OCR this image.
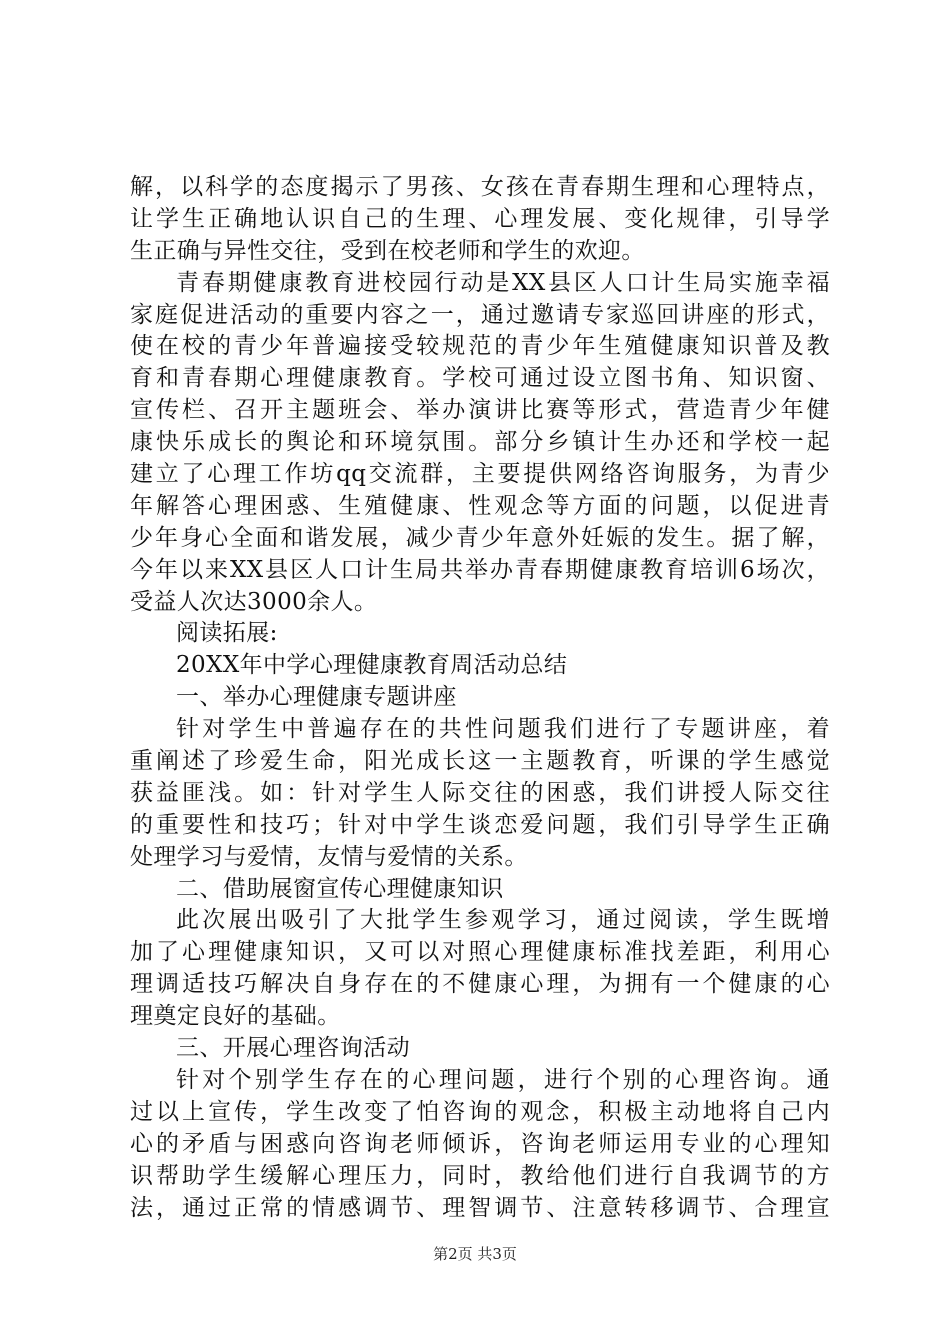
解，以科学的态度揭示了男孩、女孩在青春期生理和心理特点，
让学生正确地认识自己的生理、心理发展、变化规律，引导学
生正确与异性交往，受到在校老师和学生的欢迎。
青春期健康教育进校园行动是XX县区人口计生局实施幸福
家庭促进活动的重要内容之一，通过邀请专家巡回讲座的形式，
使在校的青少年普遍接受较规范的青少年生殖健康知识普及教
育和青春期心理健康教育。学校可通过设立图书角、知识窗、
宣传栏、召开主题班会、举办演讲比赛等形式，营造青少年健
康快乐成长的舆论和环境氛围。部分乡镇计生办还和学校一起
建立了心理工作坊qq交流群，主要提供网络咨询服务，为青少
年解答心理困惑、生殖健康、性观念等方面的问题，以促进青
少年身心全面和谐发展，减少青少年意外妊娠的发生。据了解，
今年以来XX县区人口计生局共举办青春期健康教育培训6场次，
受益人次达3000余人。
阅读拓展:
20XX年中学心理健康教育周活动总结
一、举办心理健康专题讲座
针对学生中普遍存在的共性问题我们进行了专题讲座，着
重阐述了珍爱生命，阳光成长这一主题教育，听课的学生感觉
获益匪浅。如：针对学生人际交往的困惑，我们讲授人际交往
的重要性和技巧；针对中学生谈恋爱问题，我们引导学生正确
处理学习与爱情，友情与爱情的关系。
二、借助展窗宣传心理健康知识
此次展出吸引了大批学生参观学习，通过阅读，学生既增
加了心理健康知识，又可以对照心理健康标准找差距，利用心
理调适技巧解决自身存在的不健康心理，为拥有一个健康的心
理奠定良好的基础。
三、开展心理咨询活动
针对个别学生存在的心理问题，进行个别的心理咨询。通
过以上宣传，学生改变了怕咨询的观念，积极主动地将自己内
心的矛盾与困惑向咨询老师倾诉，咨询老师运用专业的心理知
识帮助学生缓解心理压力，同时，教给他们进行自我调节的方
法，通过正常的情感调节、理智调节、注意转移调节、合理宣
第2页 共3页
